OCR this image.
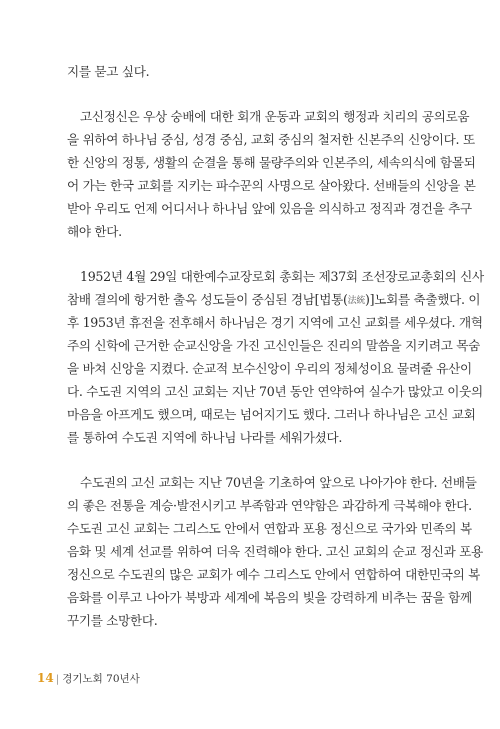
지를 묻고 싶다.
고신정신은 우상 숭배에 대한 회개 운동과 교회의 행정과 치리의 공의로움
을 위하여 하나님 중심, 성경 중심, 교회 중심의 철저한 신본주의 신앙이다. 또
한 신앙의 정통, 생활의 순결을 통해 물량주의와 인본주의, 세속의식에 함몰되
어 가는 한국 교회를 지키는 파수꾼의 사명으로 살아왔다. 선배들의 신앙을 본
받아 우리도 언제 어디서나 하나님 앞에 있음을 의식하고 정직과 경건을 추구
해야 한다.
1952년 4월 29일 대한예수교장로회 총회는 제37회 조선장로교총회의 신사
참배 결의에 항거한 출옥 성도들이 중심된 경남[법통(法統)]노회를 축출했다. 이
후 1953년 휴전을 전후해서 하나님은 경기 지역에 고신 교회를 세우셨다. 개혁
주의 신학에 근거한 순교신앙을 가진 고신인들은 진리의 말씀을 지키려고 목숨
을 바쳐 신앙을 지켰다. 순교적 보수신앙이 우리의 정체성이요 물려줄 유산이
다. 수도권 지역의 고신 교회는 지난 70년 동안 연약하여 실수가 많았고 이웃의
마음을 아프게도 했으며, 때로는 넘어지기도 했다. 그러나 하나님은 고신 교회
를 통하여 수도권 지역에 하나님 나라를 세워가셨다.
수도권의 고신 교회는 지난 70년을 기초하여 앞으로 나아가야 한다. 선배들
의 좋은 전통을 계승·발전시키고 부족함과 연약함은 과감하게 극복해야 한다.
수도권 고신 교회는 그리스도 안에서 연합과 포용 정신으로 국가와 민족의 복
음화 및 세계 선교를 위하여 더욱 진력해야 한다. 고신 교회의 순교 정신과 포용
정신으로 수도권의 많은 교회가 예수 그리스도 안에서 연합하여 대한민국의 복
음화를 이루고 나아가 북방과 세계에 복음의 빛을 강력하게 비추는 꿈을 함께
꾸기를 소망한다.
14 | 경기노회 70년사
